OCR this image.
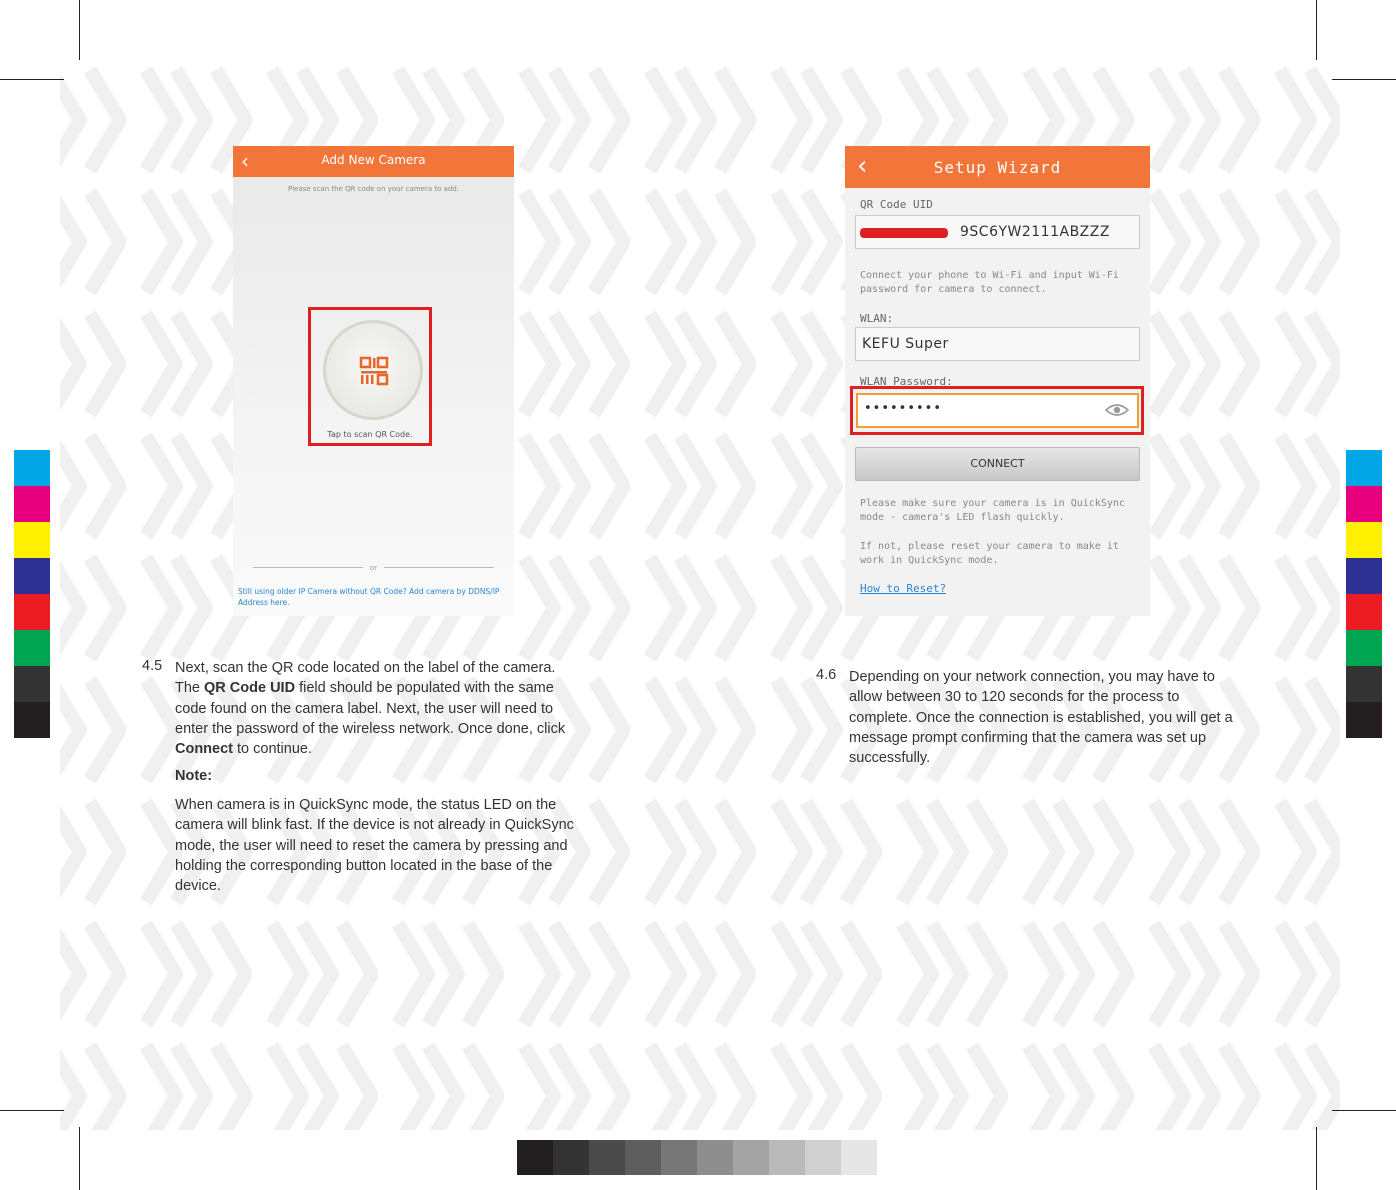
‹	Add New Camera
Please scan the QR code on your camera to add.
Tap to scan QR Code.
or
Still using older IP Camera without QR Code? Add camera by DDNS/IP Address here.
‹	Setup Wizard
QR Code UID
9SC6YW2111ABZZZ
Connect your phone to Wi-Fi and input Wi-Fi password for camera to connect.
WLAN:
KEFU Super
WLAN Password:
•••••••••
CONNECT
Please make sure your camera is in QuickSync mode - camera's LED flash quickly.
If not, please reset your camera to make it work in QuickSync mode.
How to Reset?
4.5 Next, scan the QR code located on the label of the camera. The QR Code UID field should be populated with the same code found on the camera label. Next, the user will need to enter the password of the wireless network. Once done, click Connect to continue.
Note:
When camera is in QuickSync mode, the status LED on the camera will blink fast. If the device is not already in QuickSync mode, the user will need to reset the camera by pressing and holding the corresponding button located in the base of the device.
4.6 Depending on your network connection, you may have to allow between 30 to 120 seconds for the process to complete. Once the connection is established, you will get a message prompt confirming that the camera was set up successfully.
